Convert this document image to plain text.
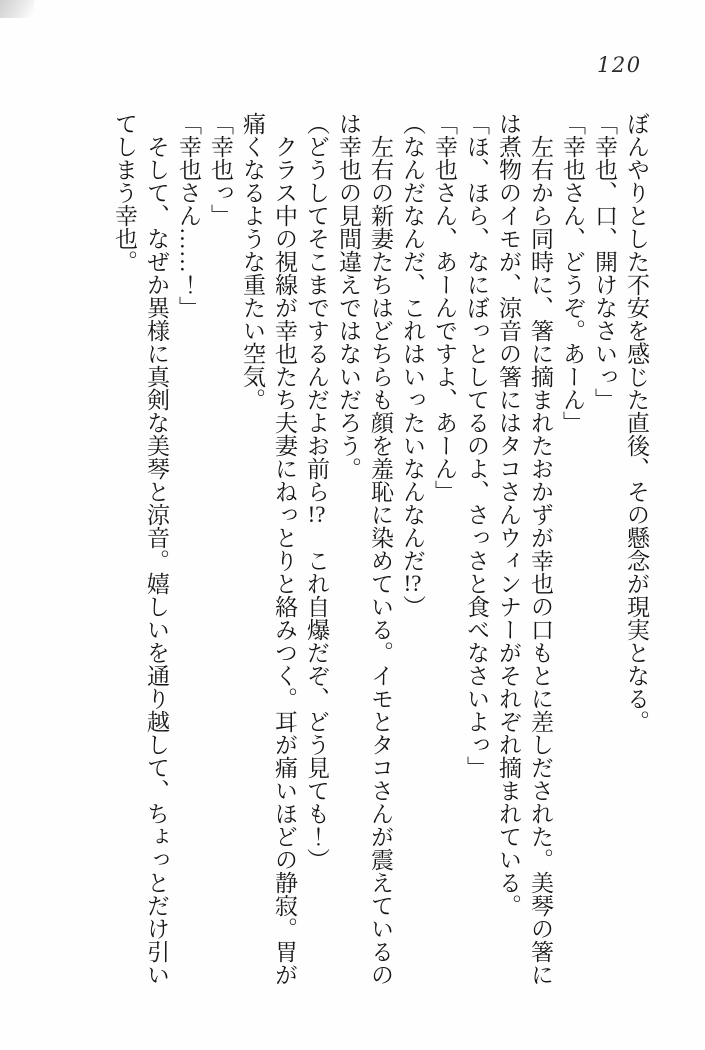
120

ぼんやりとした不安を感じた直後、その懸念が現実となる。

「幸也、口、開けなさいっ」

「幸也さん、どうぞ。あーん」

左右から同時に、箸に摘まれたおかずが幸也の口もとに差しだされた。美琴の箸には煮物のイモが、涼音の箸にはタコさんウィンナーがそれぞれ摘まれている。

「ほ、ほら、なにぼっとしてるのよ、さっさと食べなさいよっ」

「幸也さん、あーんですよ、あーん」

（なんだなんだ、これはいったいなんなんだ!?）

左右の新妻たちはどちらも顔を羞恥に染めている。イモとタコさんが震えているのは幸也の見間違えではないだろう。

（どうしてそこまでするんだよお前ら!?　これ自爆だぞ、どう見ても！）

クラス中の視線が幸也たち夫妻にねっとりと絡みつく。耳が痛いほどの静寂。胃が痛くなるような重たい空気。

「幸也っ」

「幸也さん……！」

そして、なぜか異様に真剣な美琴と涼音。嬉しいを通り越して、ちょっとだけ引いてしまう幸也。
